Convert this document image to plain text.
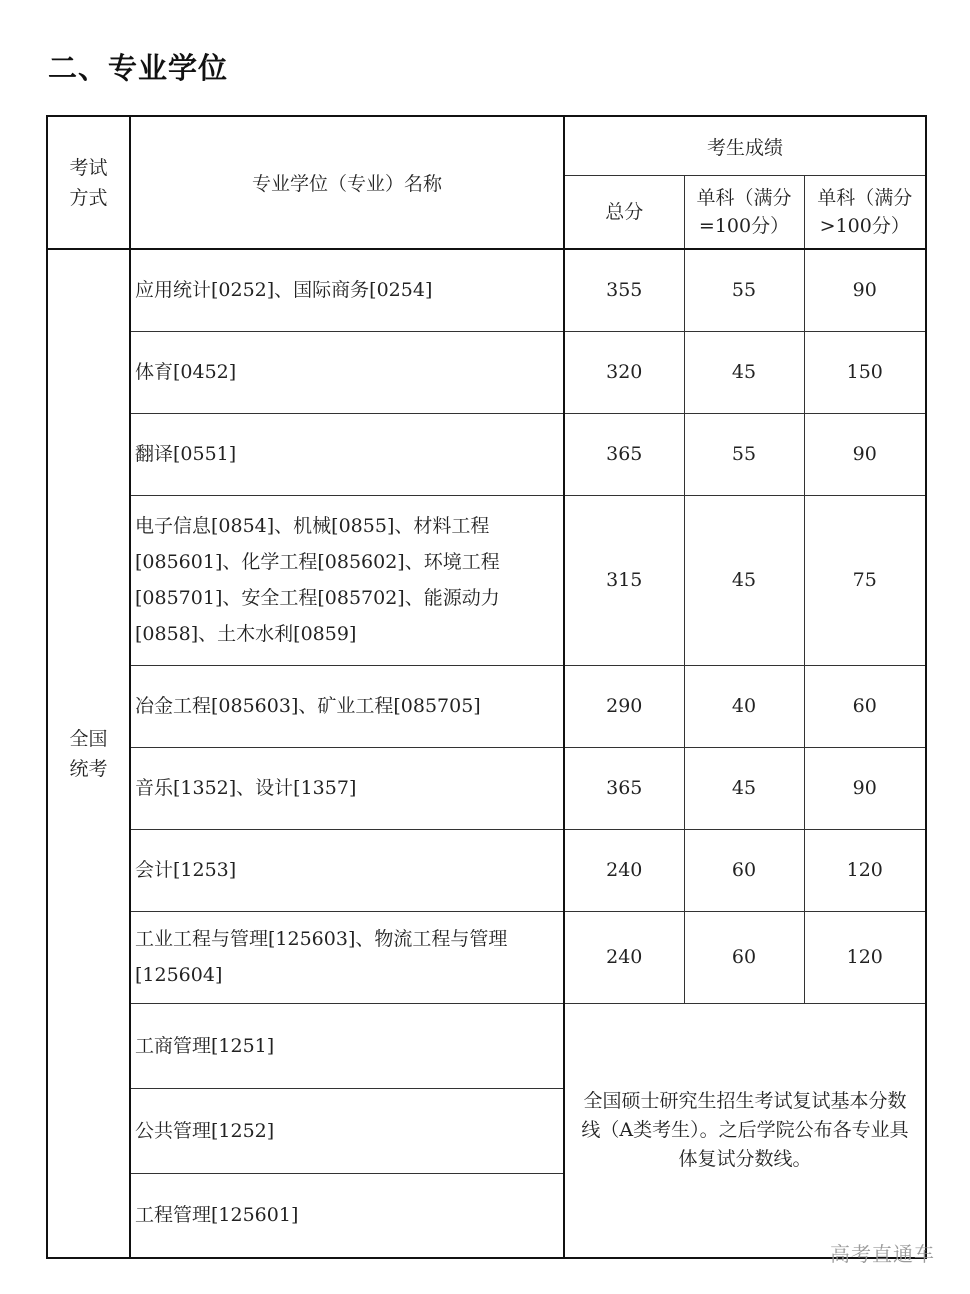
二、专业学位
考试方式	专业学位（专业）名称	考生成绩		
		总分	单科（满分=100分）	单科（满分>100分）

全国统考	应用统计[0252]、国际商务[0254]	355	55	90
	体育[0452]	320	45	150
	翻译[0551]	365	55	90
	电子信息[0854]、机械[0855]、材料工程[085601]、化学工程[085602]、环境工程[085701]、安全工程[085702]、能源动力[0858]、土木水利[0859]	315	45	75
	冶金工程[085603]、矿业工程[085705]	290	40	60
	音乐[1352]、设计[1357]	365	45	90
	会计[1253]	240	60	120
	工业工程与管理[125603]、物流工程与管理[125604]	240	60	120
	工商管理[1251]	全国硕士研究生招生考试复试基本分数线（A类考生）。之后学院公布各专业具体复试分数线。		
	公共管理[1252]			
	工程管理[125601]			
高考直通车
